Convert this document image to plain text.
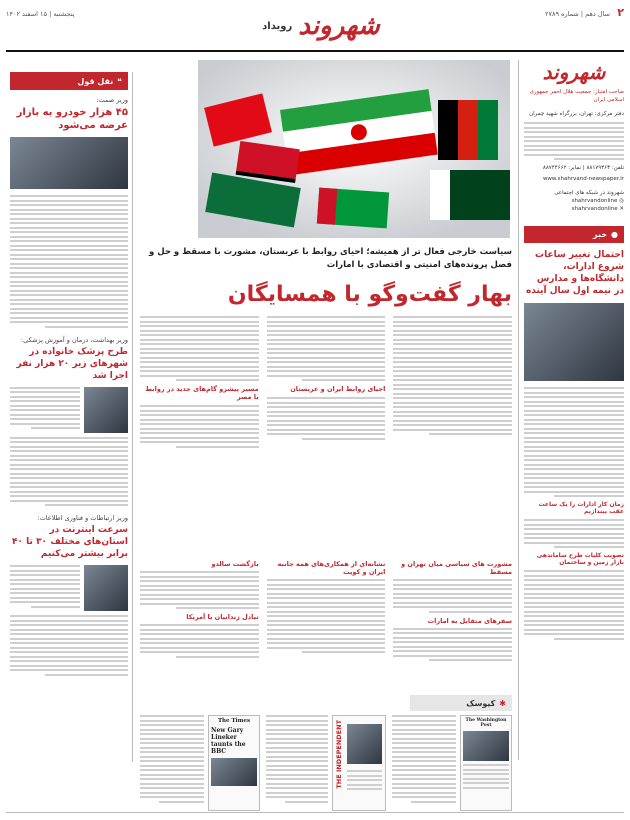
پنجشنبه | ۱۵ اسفند ۱۴۰۲
رویداد شهروند	سال دهم | شماره ۲۷۸۹ ۲
نقل قول ❝
وزیر صمت:
۴۵ هزار خودرو به بازار عرضه می‌شود
وزیر بهداشت، درمان و آموزش پزشکی:
طرح پزشک خانواده در شهرهای زیر ۲۰ هزار نفر اجرا شد
وزیر ارتباطات و فناوری اطلاعات:
سرعت اینترنت در استان‌های مختلف ۳۰ تا ۴۰ برابر بیشتر می‌کنیم
سیاست خارجی فعال تر از همیشه؛ احیای روابط با عربستان، مشورت با مسقط و حل و فصل پرونده‌های امنیتی و اقتصادی با امارات
بهار گفت‌وگو با همسایگان
مسیر پیشرو گام‌های جدید در روابط با مصر
احیای روابط ایران و عربستان
بازگشت سالدو
تبادل زندانیان با آمریکا
نشانه‌ای از همکاری‌های همه جانبه ایران و کویت
مشورت های سیاسی میان تهران و مسقط
سفرهای متقابل به امارات
شهروند
صاحب امتیاز: جمعیت هلال احمر جمهوری اسلامی ایران
دفتر مرکزی: تهران، بزرگراه شهید چمران
تلفن: ۸۸۱۷۹۳۶۳ | نمابر: ۸۸۷۴۴۶۶۲
www.shahrvand-newspaper.ir
شهروند در شبکه های اجتماعی
shahrvandonline ◎
shahrvandonline ✕
خبر ●
احتمال تغییر ساعات شروع ادارات، دانشگاه‌ها و مدارس در نیمه اول سال آینده
زمان کار ادارات را یک ساعت عقب بیندازیم
تصویب کلیات طرح ساماندهی بازار زمین و ساختمان
کیوسک ✱
The Times
New Gary Lineker taunts the BBC	THE INDEPENDENT	The Washington Post
